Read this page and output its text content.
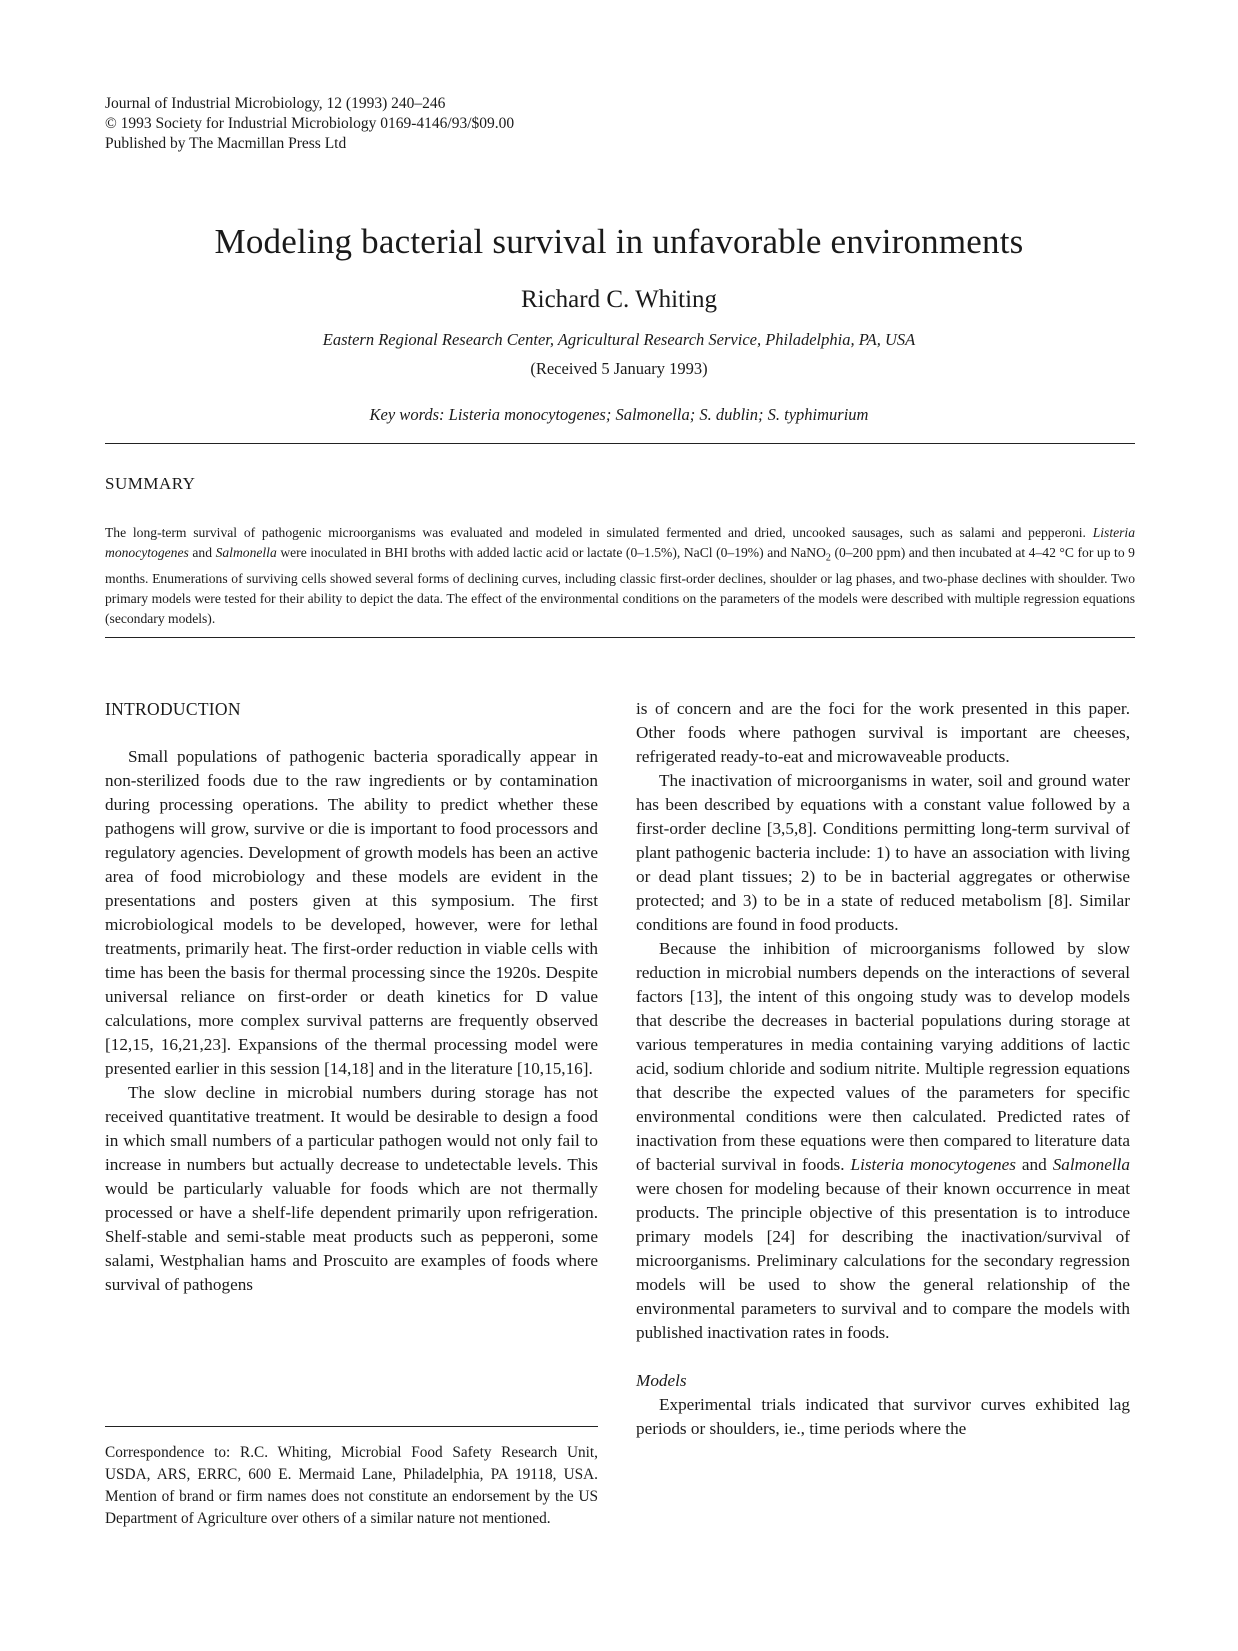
Journal of Industrial Microbiology, 12 (1993) 240–246
© 1993 Society for Industrial Microbiology 0169-4146/93/$09.00
Published by The Macmillan Press Ltd
Modeling bacterial survival in unfavorable environments
Richard C. Whiting
Eastern Regional Research Center, Agricultural Research Service, Philadelphia, PA, USA
(Received 5 January 1993)
Key words: Listeria monocytogenes; Salmonella; S. dublin; S. typhimurium
SUMMARY
The long-term survival of pathogenic microorganisms was evaluated and modeled in simulated fermented and dried, uncooked sausages, such as salami and pepperoni. Listeria monocytogenes and Salmonella were inoculated in BHI broths with added lactic acid or lactate (0–1.5%), NaCl (0–19%) and NaNO$_2$ (0–200 ppm) and then incubated at 4–42 °C for up to 9 months. Enumerations of surviving cells showed several forms of declining curves, including classic first-order declines, shoulder or lag phases, and two-phase declines with shoulder. Two primary models were tested for their ability to depict the data. The effect of the environmental conditions on the parameters of the models were described with multiple regression equations (secondary models).
INTRODUCTION

Small populations of pathogenic bacteria sporadically appear in non-sterilized foods due to the raw ingredients or by contamination during processing operations. The ability to predict whether these pathogens will grow, survive or die is important to food processors and regulatory agencies. Development of growth models has been an active area of food microbiology and these models are evident in the presentations and posters given at this symposium. The first microbiological models to be developed, however, were for lethal treatments, primarily heat. The first-order reduction in viable cells with time has been the basis for thermal processing since the 1920s. Despite universal reliance on first-order or death kinetics for D value calculations, more complex survival patterns are frequently observed [12,15, 16,21,23]. Expansions of the thermal processing model were presented earlier in this session [14,18] and in the literature [10,15,16].

The slow decline in microbial numbers during storage has not received quantitative treatment. It would be desirable to design a food in which small numbers of a particular pathogen would not only fail to increase in numbers but actually decrease to undetectable levels. This would be particularly valuable for foods which are not thermally processed or have a shelf-life dependent primarily upon refrigeration. Shelf-stable and semi-stable meat products such as pepperoni, some salami, Westphalian hams and Proscuito are examples of foods where survival of pathogens

is of concern and are the foci for the work presented in this paper. Other foods where pathogen survival is important are cheeses, refrigerated ready-to-eat and microwaveable products.

The inactivation of microorganisms in water, soil and ground water has been described by equations with a constant value followed by a first-order decline [3,5,8]. Conditions permitting long-term survival of plant pathogenic bacteria include: 1) to have an association with living or dead plant tissues; 2) to be in bacterial aggregates or otherwise protected; and 3) to be in a state of reduced metabolism [8]. Similar conditions are found in food products.

Because the inhibition of microorganisms followed by slow reduction in microbial numbers depends on the interactions of several factors [13], the intent of this ongoing study was to develop models that describe the decreases in bacterial populations during storage at various temperatures in media containing varying additions of lactic acid, sodium chloride and sodium nitrite. Multiple regression equations that describe the expected values of the parameters for specific environmental conditions were then calculated. Predicted rates of inactivation from these equations were then compared to literature data of bacterial survival in foods. Listeria monocytogenes and Salmonella were chosen for modeling because of their known occurrence in meat products. The principle objective of this presentation is to introduce primary models [24] for describing the inactivation/survival of microorganisms. Preliminary calculations for the secondary regression models will be used to show the general relationship of the environmental parameters to survival and to compare the models with published inactivation rates in foods.

Models

Experimental trials indicated that survivor curves exhibited lag periods or shoulders, ie., time periods where the

Correspondence to: R.C. Whiting, Microbial Food Safety Research Unit, USDA, ARS, ERRC, 600 E. Mermaid Lane, Philadelphia, PA 19118, USA. Mention of brand or firm names does not constitute an endorsement by the US Department of Agriculture over others of a similar nature not mentioned.
